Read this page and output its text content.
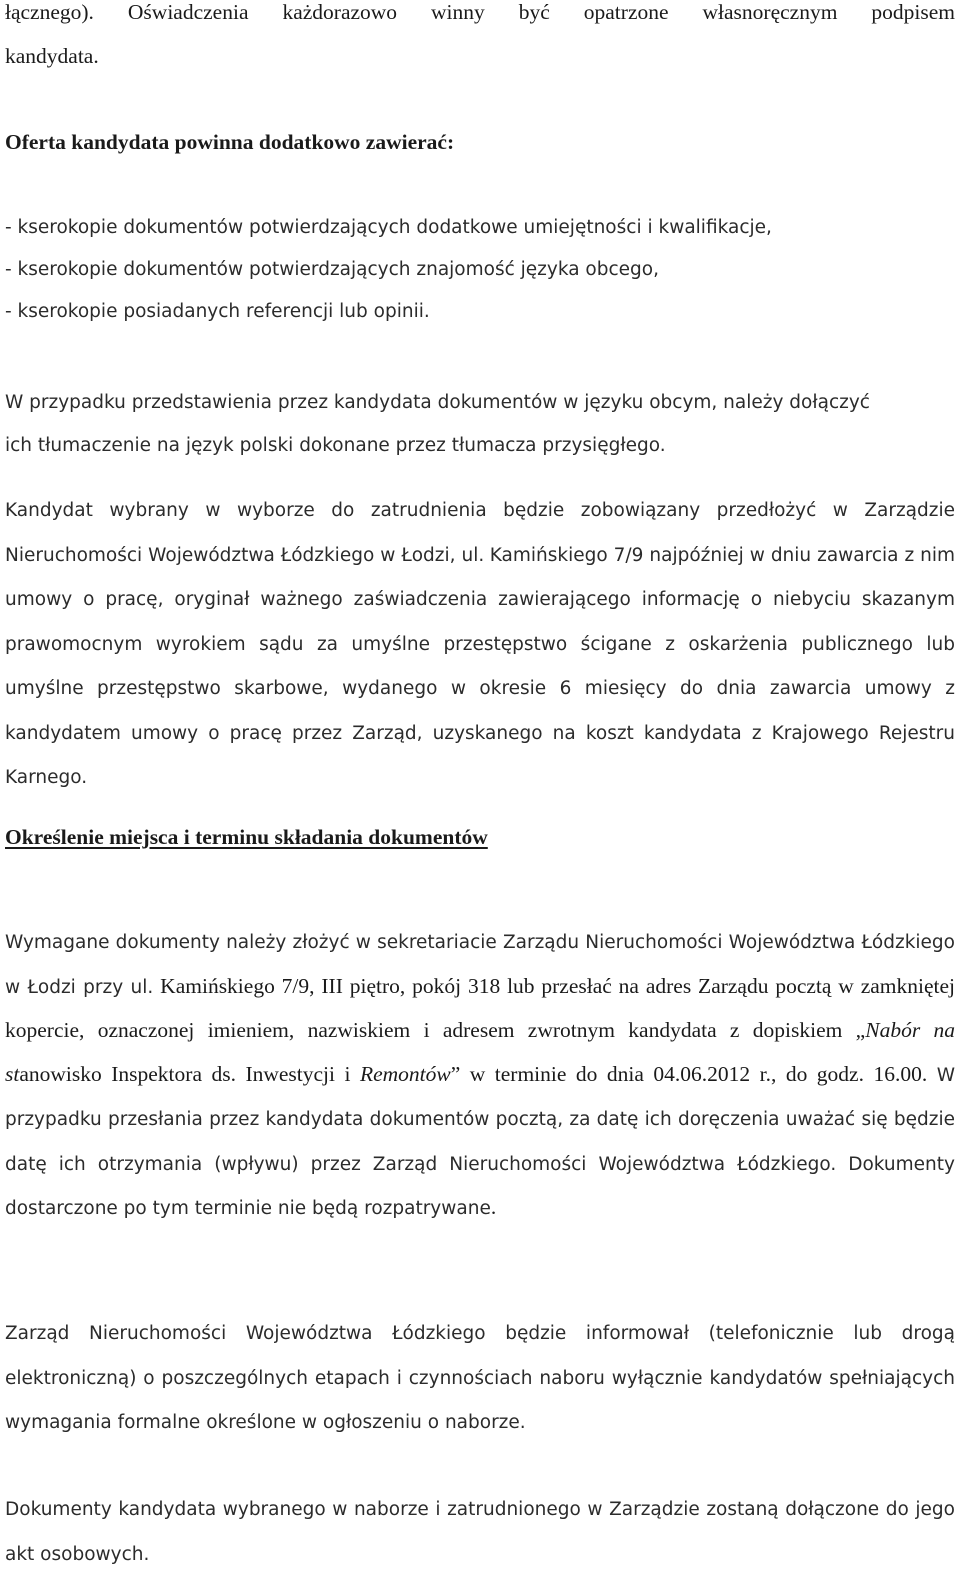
łącznego). Oświadczenia każdorazowo winny być opatrzone własnoręcznym podpisem
kandydata.
Oferta kandydata powinna dodatkowo zawierać:
- kserokopie dokumentów potwierdzających dodatkowe umiejętności i kwalifikacje,
- kserokopie dokumentów potwierdzających znajomość języka obcego,
- kserokopie posiadanych referencji lub opinii.
W przypadku przedstawienia przez kandydata dokumentów w języku obcym, należy dołączyć
ich tłumaczenie na język polski dokonane przez tłumacza przysięgłego.

Kandydat wybrany w wyborze do zatrudnienia będzie zobowiązany przedłożyć w Zarządzie Nieruchomości Województwa Łódzkiego w Łodzi, ul. Kamińskiego 7/9 najpóźniej w dniu zawarcia z nim umowy o pracę, oryginał ważnego zaświadczenia zawierającego informację o niebyciu skazanym prawomocnym wyrokiem sądu za umyślne przestępstwo ścigane z oskarżenia publicznego lub umyślne przestępstwo skarbowe, wydanego w okresie 6 miesięcy do dnia zawarcia umowy z kandydatem umowy o pracę przez Zarząd, uzyskanego na koszt kandydata z Krajowego Rejestru Karnego.

Określenie miejsca i terminu składania dokumentów

Wymagane dokumenty należy złożyć w sekretariacie Zarządu Nieruchomości Województwa Łódzkiego w Łodzi przy ul. Kamińskiego 7/9, III piętro, pokój 318 lub przesłać na adres Zarządu pocztą w zamkniętej kopercie, oznaczonej imieniem, nazwiskiem i adresem zwrotnym kandydata z dopiskiem „Nabór na stanowisko Inspektora ds. Inwestycji i Remontów” w terminie do dnia 04.06.2012 r., do godz. 16.00. W przypadku przesłania przez kandydata dokumentów pocztą, za datę ich doręczenia uważać się będzie datę ich otrzymania (wpływu) przez Zarząd Nieruchomości Województwa Łódzkiego. Dokumenty dostarczone po tym terminie nie będą rozpatrywane.

Zarząd Nieruchomości Województwa Łódzkiego będzie informował (telefonicznie lub drogą elektroniczną) o poszczególnych etapach i czynnościach naboru wyłącznie kandydatów spełniających wymagania formalne określone w ogłoszeniu o naborze.

Dokumenty kandydata wybranego w naborze i zatrudnionego w Zarządzie zostaną dołączone do jego akt osobowych.
